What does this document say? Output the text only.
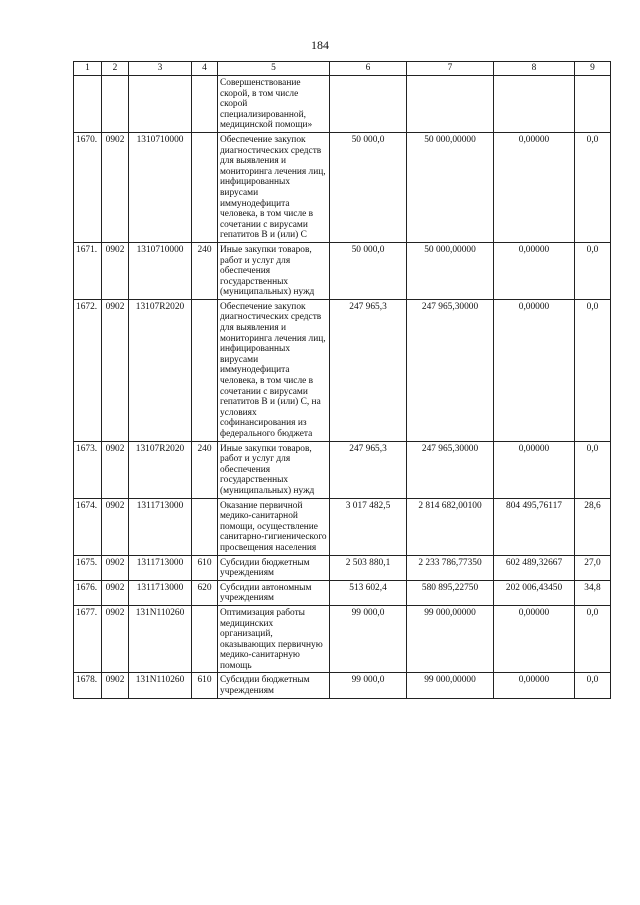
184
1	2	3	4	5	6	7	8	9
				Совершенствование скорой, в том числе скорой специализированной, медицинской помощи»				
1670.	0902	1310710000		Обеспечение закупок диагностических средств для выявления и мониторинга лечения лиц, инфицированных вирусами иммунодефицита человека, в том числе в сочетании с вирусами гепатитов B и (или) C	50 000,0	50 000,00000	0,00000	0,0
1671.	0902	1310710000	240	Иные закупки товаров, работ и услуг для обеспечения государственных (муниципальных) нужд	50 000,0	50 000,00000	0,00000	0,0
1672.	0902	13107R2020		Обеспечение закупок диагностических средств для выявления и мониторинга лечения лиц, инфицированных вирусами иммунодефицита человека, в том числе в сочетании с вирусами гепатитов B и (или) C, на условиях софинансирования из федерального бюджета	247 965,3	247 965,30000	0,00000	0,0
1673.	0902	13107R2020	240	Иные закупки товаров, работ и услуг для обеспечения государственных (муниципальных) нужд	247 965,3	247 965,30000	0,00000	0,0
1674.	0902	1311713000		Оказание первичной медико-санитарной помощи, осуществление санитарно-гигиенического просвещения населения	3 017 482,5	2 814 682,00100	804 495,76117	28,6
1675.	0902	1311713000	610	Субсидии бюджетным учреждениям	2 503 880,1	2 233 786,77350	602 489,32667	27,0
1676.	0902	1311713000	620	Субсидии автономным учреждениям	513 602,4	580 895,22750	202 006,43450	34,8
1677.	0902	131N110260		Оптимизация работы медицинских организаций, оказывающих первичную медико-санитарную помощь	99 000,0	99 000,00000	0,00000	0,0
1678.	0902	131N110260	610	Субсидии бюджетным учреждениям	99 000,0	99 000,00000	0,00000	0,0
